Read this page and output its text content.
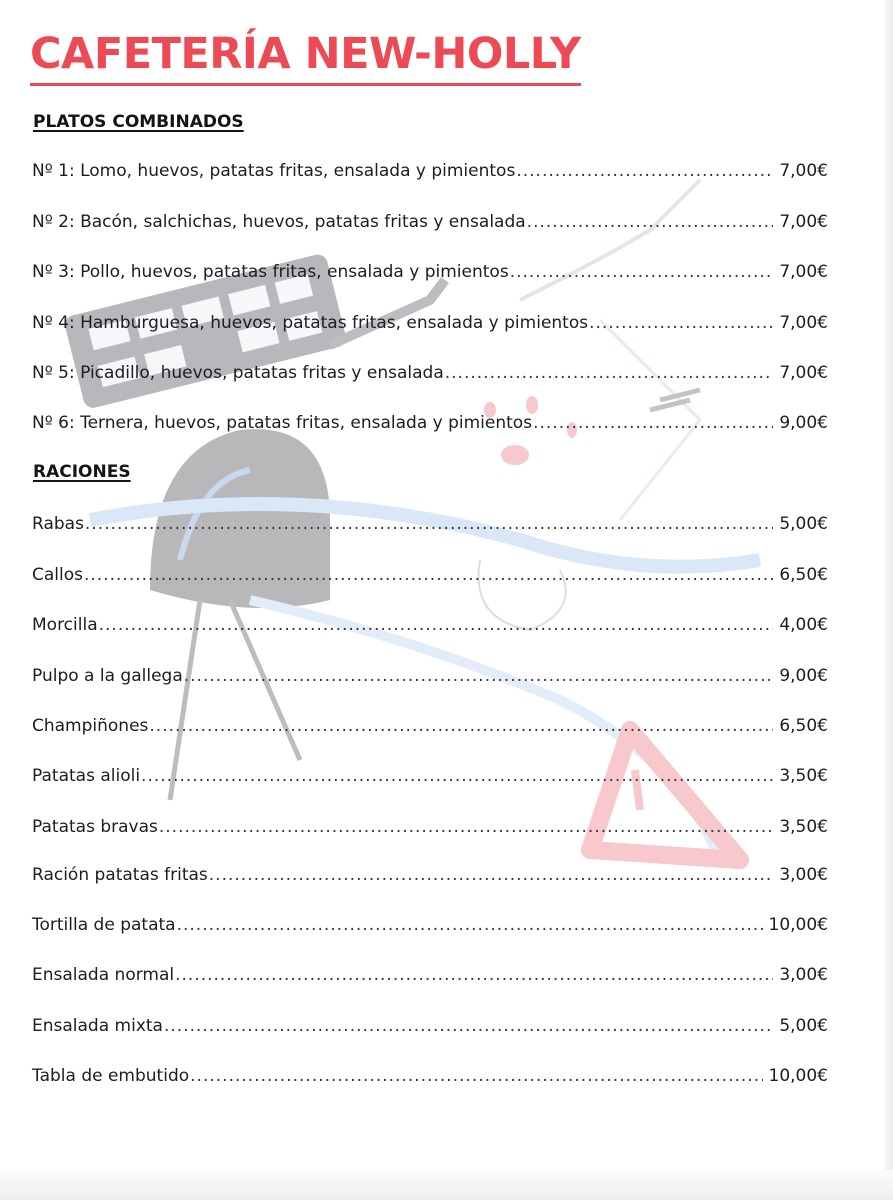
CAFETERÍA NEW-HOLLY
PLATOS COMBINADOS
Nº 1: Lomo, huevos, patatas fritas, ensalada y pimientos .....	7,00€
Nº 2: Bacón, salchichas, huevos, patatas fritas y ensalada .....	7,00€
Nº 3: Pollo, huevos, patatas fritas, ensalada y pimientos .....	7,00€
Nº 4: Hamburguesa, huevos, patatas fritas, ensalada y pimientos .....	7,00€
Nº 5: Picadillo, huevos, patatas fritas y ensalada .....	7,00€
Nº 6: Ternera, huevos, patatas fritas, ensalada y pimientos .....	9,00€
RACIONES
Rabas .....	5,00€
Callos .....	6,50€
Morcilla .....	4,00€
Pulpo a la gallega .....	9,00€
Champiñones .....	6,50€
Patatas alioli .....	3,50€
Patatas bravas .....	3,50€
Ración patatas fritas .....	3,00€
Tortilla de patata .....	10,00€
Ensalada normal .....	3,00€
Ensalada mixta .....	5,00€
Tabla de embutido .....	10,00€
